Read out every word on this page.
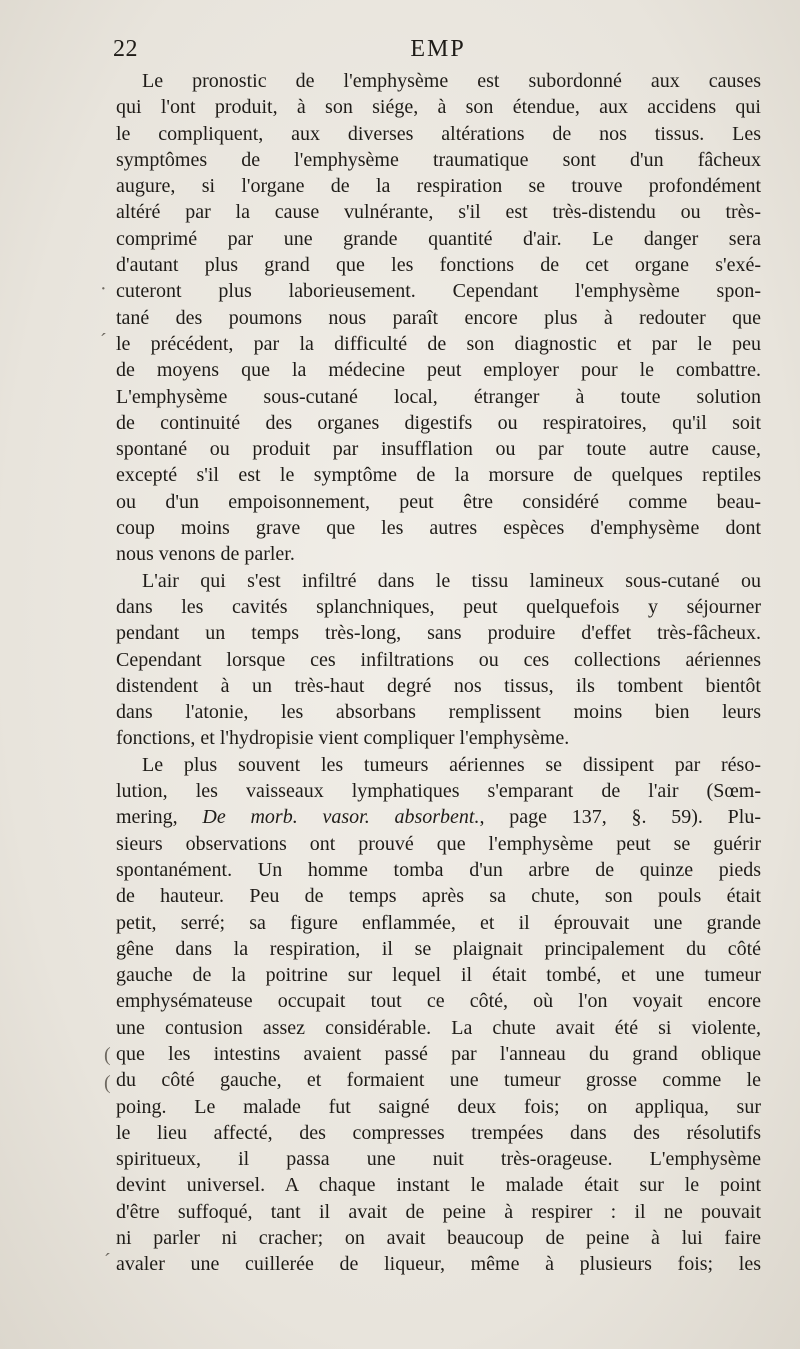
22	EMP
Le pronostic de l'emphysème est subordonné aux causes
qui l'ont produit, à son siége, à son étendue, aux accidens qui
le compliquent, aux diverses altérations de nos tissus. Les
symptômes de l'emphysème traumatique sont d'un fâcheux
augure, si l'organe de la respiration se trouve profondément
altéré par la cause vulnérante, s'il est très-distendu ou très-
comprimé par une grande quantité d'air. Le danger sera
d'autant plus grand que les fonctions de cet organe s'exé-
cuteront plus laborieusement. Cependant l'emphysème spon-
tané des poumons nous paraît encore plus à redouter que
le précédent, par la difficulté de son diagnostic et par le peu
de moyens que la médecine peut employer pour le combattre.
L'emphysème sous-cutané local, étranger à toute solution
de continuité des organes digestifs ou respiratoires, qu'il soit
spontané ou produit par insufflation ou par toute autre cause,
excepté s'il est le symptôme de la morsure de quelques reptiles
ou d'un empoisonnement, peut être considéré comme beau-
coup moins grave que les autres espèces d'emphysème dont
nous venons de parler.
L'air qui s'est infiltré dans le tissu lamineux sous-cutané ou
dans les cavités splanchniques, peut quelquefois y séjourner
pendant un temps très-long, sans produire d'effet très-fâcheux.
Cependant lorsque ces infiltrations ou ces collections aériennes
distendent à un très-haut degré nos tissus, ils tombent bientôt
dans l'atonie, les absorbans remplissent moins bien leurs
fonctions, et l'hydropisie vient compliquer l'emphysème.
Le plus souvent les tumeurs aériennes se dissipent par réso-
lution, les vaisseaux lymphatiques s'emparant de l'air (Sœm-
mering, De morb. vasor. absorbent., page 137, §. 59). Plu-
sieurs observations ont prouvé que l'emphysème peut se guérir
spontanément. Un homme tomba d'un arbre de quinze pieds
de hauteur. Peu de temps après sa chute, son pouls était
petit, serré; sa figure enflammée, et il éprouvait une grande
gêne dans la respiration, il se plaignait principalement du côté
gauche de la poitrine sur lequel il était tombé, et une tumeur
emphysémateuse occupait tout ce côté, où l'on voyait encore
une contusion assez considérable. La chute avait été si violente,
que les intestins avaient passé par l'anneau du grand oblique
du côté gauche, et formaient une tumeur grosse comme le
poing. Le malade fut saigné deux fois; on appliqua, sur
le lieu affecté, des compresses trempées dans des résolutifs
spiritueux, il passa une nuit très-orageuse. L'emphysème
devint universel. A chaque instant le malade était sur le point
d'être suffoqué, tant il avait de peine à respirer : il ne pouvait
ni parler ni cracher; on avait beaucoup de peine à lui faire
avaler une cuillerée de liqueur, même à plusieurs fois; les
·
ˊ
(
(
ˊ
